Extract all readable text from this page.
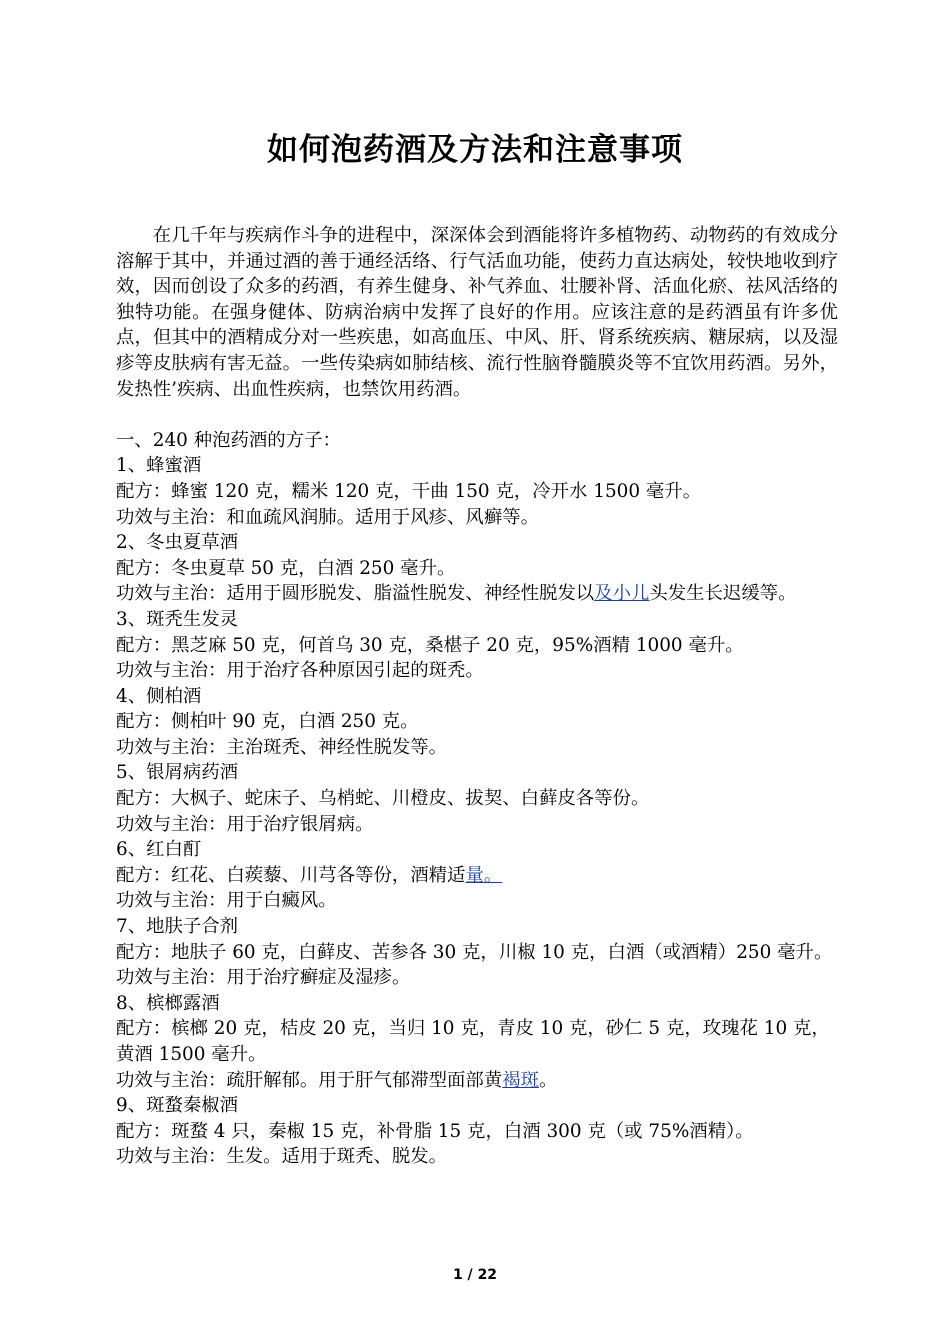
如何泡药酒及方法和注意事项

在几千年与疾病作斗争的进程中，深深体会到酒能将许多植物药、动物药的有效成分溶解于其中，并通过酒的善于通经活络、行气活血功能，使药力直达病处，较快地收到疗效，因而创设了众多的药酒，有养生健身、补气养血、壮腰补肾、活血化瘀、祛风活络的独特功能。在强身健体、防病治病中发挥了良好的作用。应该注意的是药酒虽有许多优点，但其中的酒精成分对一些疾患，如高血压、中风、肝、肾系统疾病、糖尿病，以及湿疹等皮肤病有害无益。一些传染病如肺结核、流行性脑脊髓膜炎等不宜饮用药酒。另外，发热性’疾病、出血性疾病，也禁饮用药酒。

一、240 种泡药酒的方子：

1、蜂蜜酒

配方：蜂蜜 120 克，糯米 120 克，干曲 150 克，冷开水 1500 毫升。

功效与主治：和血疏风润肺。适用于风疹、风癣等。

2、冬虫夏草酒

配方：冬虫夏草 50 克，白酒 250 毫升。

功效与主治：适用于圆形脱发、脂溢性脱发、神经性脱发以及小儿头发生长迟缓等。

3、斑秃生发灵

配方：黑芝麻 50 克，何首乌 30 克，桑椹子 20 克，95%酒精 1000 毫升。

功效与主治：用于治疗各种原因引起的斑秃。

4、侧柏酒

配方：侧柏叶 90 克，白酒 250 克。

功效与主治：主治斑秃、神经性脱发等。

5、银屑病药酒

配方：大枫子、蛇床子、乌梢蛇、川橙皮、拔契、白藓皮各等份。

功效与主治：用于治疗银屑病。

6、红白酊

配方：红花、白蒺藜、川芎各等份，酒精适量。

功效与主治：用于白癜风。

7、地肤子合剂

配方：地肤子 60 克，白藓皮、苦参各 30 克，川椒 10 克，白酒（或酒精）250 毫升。

功效与主治：用于治疗癣症及湿疹。

8、槟榔露酒

配方：槟榔 20 克，桔皮 20 克，当归 10 克，青皮 10 克，砂仁 5 克，玫瑰花 10 克，黄酒 1500 毫升。

功效与主治：疏肝解郁。用于肝气郁滞型面部黄褐斑。

9、斑蝥秦椒酒

配方：斑蝥 4 只，秦椒 15 克，补骨脂 15 克，白酒 300 克（或 75%酒精）。

功效与主治：生发。适用于斑秃、脱发。

1 / 22
